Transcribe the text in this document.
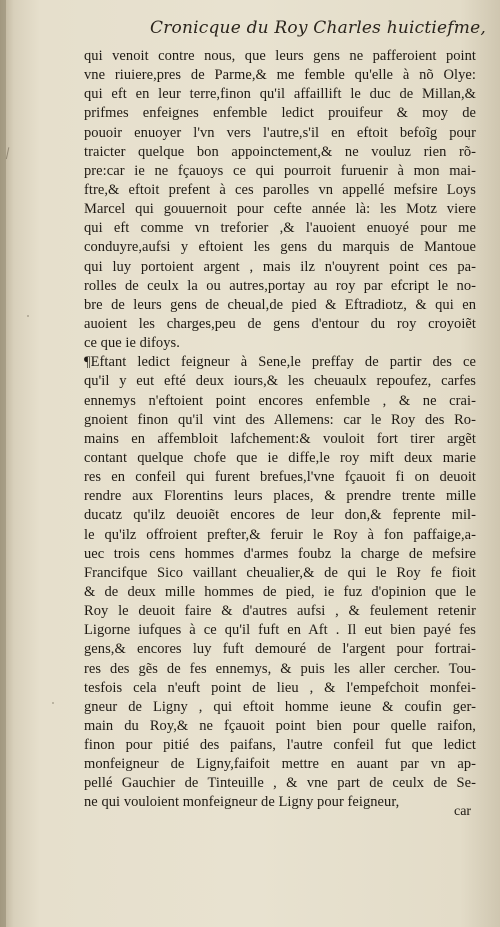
Cronicque du Roy Charles huictiefme,
qui venoit contre nous, que leurs gens ne pafferoient point
vne riuiere,pres de Parme,& me femble qu'elle à nõ Olye:
qui eft en leur terre,finon qu'il affaillift le duc de Millan,&
prifmes enfeignes enfemble ledict prouifeur & moy de
pouoir enuoyer l'vn vers l'autre,s'il en eftoit befoĩg pour
traicter quelque bon appoinctement,& ne vouluz rien rõ-
pre:car ie ne fçauoys ce qui pourroit furuenir à mon mai-
ftre,& eftoit prefent à ces parolles vn appellé mefsire Loys
Marcel qui gouuernoit pour cefte année là: les Motz viere
qui eft comme vn treforier ,& l'auoient enuoyé pour me
conduyre,aufsi y eftoient les gens du marquis de Mantoue
qui luy portoient argent , mais ilz n'ouyrent point ces pa-
rolles de ceulx la ou autres,portay au roy par efcript le no-
bre de leurs gens de cheual,de pied & Eftradiotz, & qui en
auoient les charges,peu de gens d'entour du roy croyoiẽt
ce que ie difoys.
¶Eftant ledict feigneur à Sene,le preffay de partir des ce
qu'il y eut efté deux iours,& les cheuaulx repoufez, carfes
ennemys n'eftoient point encores enfemble , & ne crai-
gnoient finon qu'il vint des Allemens: car le Roy des Ro-
mains en affembloit lafchement:& vouloit fort tirer argẽt
contant quelque chofe que ie diffe,le roy mift deux marie
res en confeil qui furent brefues,l'vne fçauoit fi on deuoit
rendre aux Florentins leurs places, & prendre trente mille
ducatz qu'ilz deuoiẽt encores de leur don,& feprente mil-
le qu'ilz offroient prefter,& feruir le Roy à fon paffaige,a-
uec trois cens hommes d'armes foubz la charge de mefsire
Francifque Sico vaillant cheualier,& de qui le Roy fe fioit
& de deux mille hommes de pied, ie fuz d'opinion que le
Roy le deuoit faire & d'autres aufsi , & feulement retenir
Ligorne iufques à ce qu'il fuft en Aft . Il eut bien payé fes
gens,& encores luy fuft demouré de l'argent pour fortrai-
res des gẽs de fes ennemys, & puis les aller cercher. Tou-
tesfois cela n'euft point de lieu , & l'empefchoit monfei-
gneur de Ligny , qui eftoit homme ieune & coufin ger-
main du Roy,& ne fçauoit point bien pour quelle raifon,
finon pour pitié des paifans, l'autre confeil fut que ledict
monfeigneur de Ligny,faifoit mettre en auant par vn ap-
pellé Gauchier de Tinteuille , & vne part de ceulx de Se-
ne qui vouloient monfeigneur de Ligny pour feigneur,
car
